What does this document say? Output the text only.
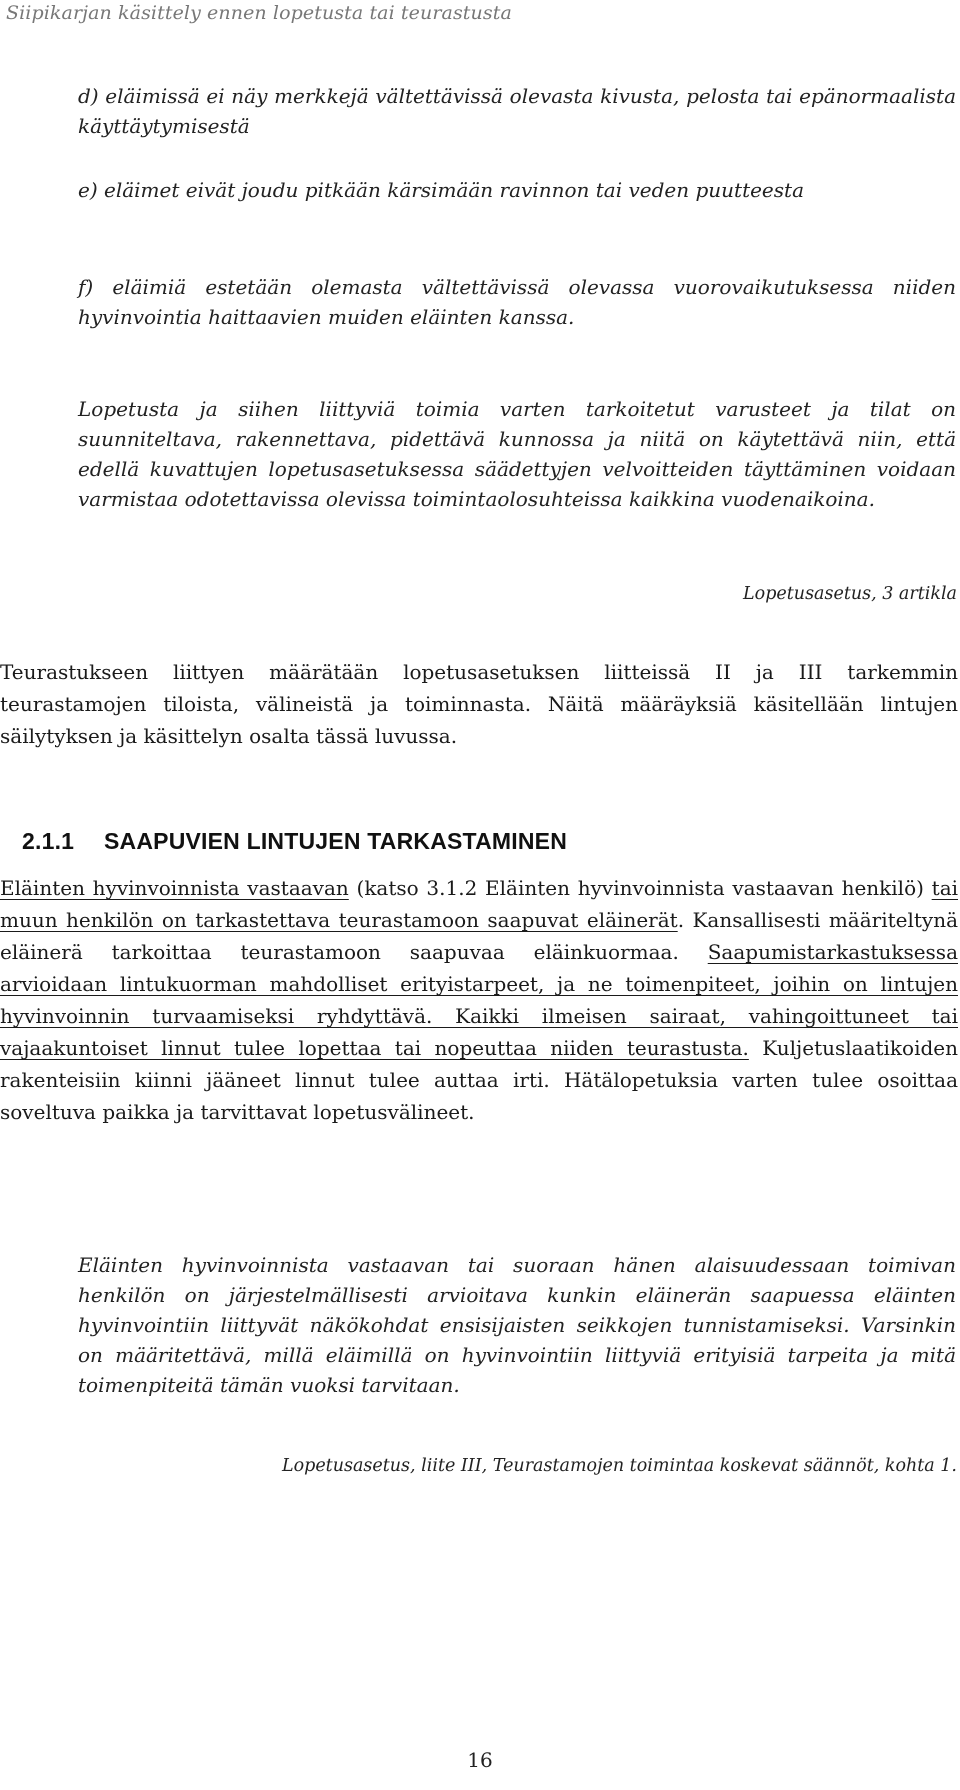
Siipikarjan käsittely ennen lopetusta tai teurastusta

d) eläimissä ei näy merkkejä vältettävissä olevasta kivusta, pelosta tai epänormaalista käyttäytymisestä

e) eläimet eivät joudu pitkään kärsimään ravinnon tai veden puutteesta

f) eläimiä estetään olemasta vältettävissä olevassa vuorovaikutuksessa niiden hyvinvointia haittaavien muiden eläinten kanssa.

Lopetusta ja siihen liittyviä toimia varten tarkoitetut varusteet ja tilat on suunniteltava, rakennettava, pidettävä kunnossa ja niitä on käytettävä niin, että edellä kuvattujen lopetusasetuksessa säädettyjen velvoitteiden täyttäminen voidaan varmistaa odotettavissa olevissa toimintaolosuhteissa kaikkina vuodenaikoina.

Lopetusasetus, 3 artikla

Teurastukseen liittyen määrätään lopetusasetuksen liitteissä II ja III tarkemmin teurastamojen tiloista, välineistä ja toiminnasta. Näitä määräyksiä käsitellään lintujen säilytyksen ja käsittelyn osalta tässä luvussa.

2.1.1 SAAPUVIEN LINTUJEN TARKASTAMINEN

Eläinten hyvinvoinnista vastaavan (katso 3.1.2 Eläinten hyvinvoinnista vastaavan henkilö) tai muun henkilön on tarkastettava teurastamoon saapuvat eläinerät. Kansallisesti määriteltynä eläinerä tarkoittaa teurastamoon saapuvaa eläinkuormaa. Saapumistarkastuksessa arvioidaan lintukuorman mahdolliset erityistarpeet, ja ne toimenpiteet, joihin on lintujen hyvinvoinnin turvaamiseksi ryhdyttävä. Kaikki ilmeisen sairaat, vahingoittuneet tai vajaakuntoiset linnut tulee lopettaa tai nopeuttaa niiden teurastusta. Kuljetuslaatikoiden rakenteisiin kiinni jääneet linnut tulee auttaa irti. Hätälopetuksia varten tulee osoittaa soveltuva paikka ja tarvittavat lopetusvälineet.

Eläinten hyvinvoinnista vastaavan tai suoraan hänen alaisuudessaan toimivan henkilön on järjestelmällisesti arvioitava kunkin eläinerän saapuessa eläinten hyvinvointiin liittyvät näkökohdat ensisijaisten seikkojen tunnistamiseksi. Varsinkin on määritettävä, millä eläimillä on hyvinvointiin liittyviä erityisiä tarpeita ja mitä toimenpiteitä tämän vuoksi tarvitaan.

Lopetusasetus, liite III, Teurastamojen toimintaa koskevat säännöt, kohta 1.

16
